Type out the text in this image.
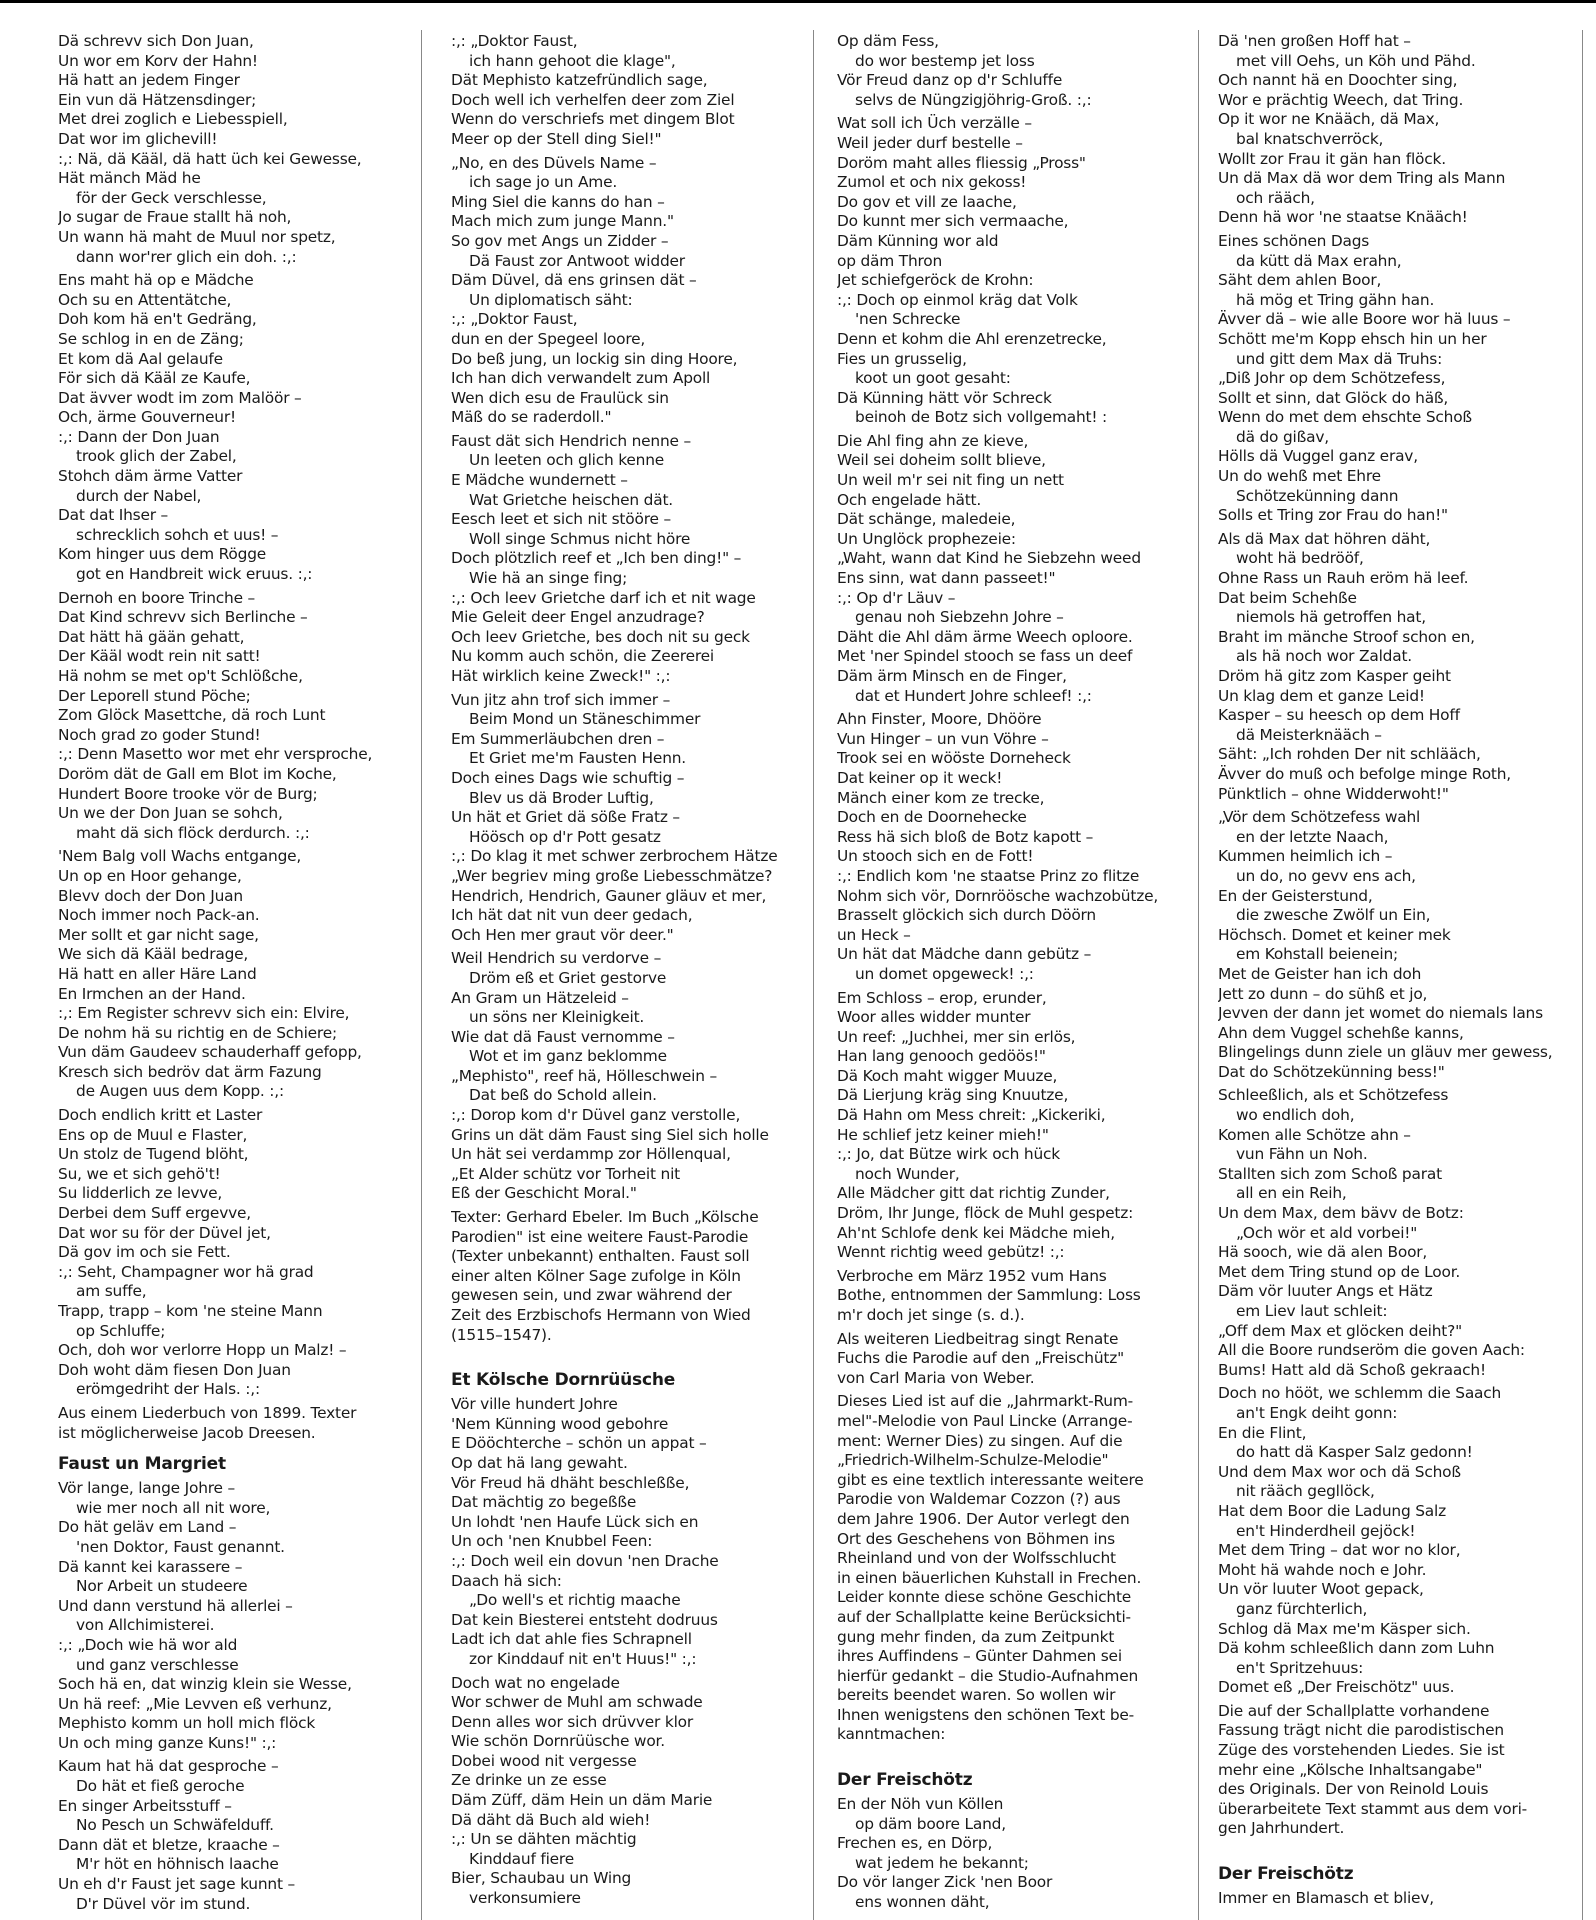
Dä schrevv sich Don Juan,
Un wor em Korv der Hahn!
Hä hatt an jedem Finger
Ein vun dä Hätzensdinger;
Met drei zoglich e Liebesspiell,
Dat wor im glichevill!
:,: Nä, dä Kääl, dä hatt üch kei Gewesse,
Hät mänch Mäd he
för der Geck verschlesse,
Jo sugar de Fraue stallt hä noh,
Un wann hä maht de Muul nor spetz,
dann wor'rer glich ein doh. :,:
Ens maht hä op e Mädche
Och su en Attentätche,
Doh kom hä en't Gedräng,
Se schlog in en de Zäng;
Et kom dä Aal gelaufe
För sich dä Kääl ze Kaufe,
Dat ävver wodt im zom Malöör –
Och, ärme Gouverneur!
:,: Dann der Don Juan
trook glich der Zabel,
Stohch däm ärme Vatter
durch der Nabel,
Dat dat Ihser –
schrecklich sohch et uus! –
Kom hinger uus dem Rögge
got en Handbreit wick eruus. :,:
Dernoh en boore Trinche –
Dat Kind schrevv sich Berlinche –
Dat hätt hä gään gehatt,
Der Kääl wodt rein nit satt!
Hä nohm se met op't Schlößche,
Der Leporell stund Pöche;
Zom Glöck Masettche, dä roch Lunt
Noch grad zo goder Stund!
:,: Denn Masetto wor met ehr versproche,
Doröm dät de Gall em Blot im Koche,
Hundert Boore trooke vör de Burg;
Un we der Don Juan se sohch,
maht dä sich flöck derdurch. :,:
'Nem Balg voll Wachs entgange,
Un op en Hoor gehange,
Blevv doch der Don Juan
Noch immer noch Pack-an.
Mer sollt et gar nicht sage,
We sich dä Kääl bedrage,
Hä hatt en aller Häre Land
En Irmchen an der Hand.
:,: Em Register schrevv sich ein: Elvire,
De nohm hä su richtig en de Schiere;
Vun däm Gaudeev schauderhaff gefopp,
Kresch sich bedröv dat ärm Fazung
de Augen uus dem Kopp. :,:
Doch endlich kritt et Laster
Ens op de Muul e Flaster,
Un stolz de Tugend blöht,
Su, we et sich gehö't!
Su lidderlich ze levve,
Derbei dem Suff ergevve,
Dat wor su för der Düvel jet,
Dä gov im och sie Fett.
:,: Seht, Champagner wor hä grad
am suffe,
Trapp, trapp – kom 'ne steine Mann
op Schluffe;
Och, doh wor verlorre Hopp un Malz! –
Doh woht däm fiesen Don Juan
erömgedriht der Hals. :,:
Aus einem Liederbuch von 1899. Texter
ist möglicherweise Jacob Dreesen.
Faust un Margriet
Vör lange, lange Johre –
wie mer noch all nit wore,
Do hät geläv em Land –
'nen Doktor, Faust genannt.
Dä kannt kei karassere –
Nor Arbeit un studeere
Und dann verstund hä allerlei –
von Allchimisterei.
:,: „Doch wie hä wor ald
und ganz verschlesse
Soch hä en, dat winzig klein sie Wesse,
Un hä reef: „Mie Levven eß verhunz,
Mephisto komm un holl mich flöck
Un och ming ganze Kuns!" :,:
Kaum hat hä dat gesproche –
Do hät et fieß geroche
En singer Arbeitsstuff –
No Pesch un Schwäfelduff.
Dann dät et bletze, kraache –
M'r höt en höhnisch laache
Un eh d'r Faust jet sage kunnt –
D'r Düvel vör im stund.
:,: „Doktor Faust,
ich hann gehoot die klage",
Dät Mephisto katzefründlich sage,
Doch well ich verhelfen deer zom Ziel
Wenn do verschriefs met dingem Blot
Meer op der Stell ding Siel!"
„No, en des Düvels Name –
ich sage jo un Ame.
Ming Siel die kanns do han –
Mach mich zum junge Mann."
So gov met Angs un Zidder –
Dä Faust zor Antwoot widder
Däm Düvel, dä ens grinsen dät –
Un diplomatisch säht:
:,: „Doktor Faust,
dun en der Spegeel loore,
Do beß jung, un lockig sin ding Hoore,
Ich han dich verwandelt zum Apoll
Wen dich esu de Fraulück sin
Mäß do se raderdoll."
Faust dät sich Hendrich nenne –
Un leeten och glich kenne
E Mädche wundernett –
Wat Grietche heischen dät.
Eesch leet et sich nit stööre –
Woll singe Schmus nicht höre
Doch plötzlich reef et „Ich ben ding!" –
Wie hä an singe fing;
:,: Och leev Grietche darf ich et nit wage
Mie Geleit deer Engel anzudrage?
Och leev Grietche, bes doch nit su geck
Nu komm auch schön, die Zeererei
Hät wirklich keine Zweck!" :,:
Vun jitz ahn trof sich immer –
Beim Mond un Stäneschimmer
Em Summerläubchen dren –
Et Griet me'm Fausten Henn.
Doch eines Dags wie schuftig –
Blev us dä Broder Luftig,
Un hät et Griet dä söße Fratz –
Höösch op d'r Pott gesatz
:,: Do klag it met schwer zerbrochem Hätze
„Wer begriev ming große Liebesschmätze?
Hendrich, Hendrich, Gauner gläuv et mer,
Ich hät dat nit vun deer gedach,
Och Hen mer graut vör deer."
Weil Hendrich su verdorve –
Dröm eß et Griet gestorve
An Gram un Hätzeleid –
un söns ner Kleinigkeit.
Wie dat dä Faust vernomme –
Wot et im ganz beklomme
„Mephisto", reef hä, Hölleschwein –
Dat beß do Schold allein.
:,: Dorop kom d'r Düvel ganz verstolle,
Grins un dät däm Faust sing Siel sich holle
Un hät sei verdammp zor Höllenqual,
„Et Alder schütz vor Torheit nit
Eß der Geschicht Moral."
Texter: Gerhard Ebeler. Im Buch „Kölsche
Parodien" ist eine weitere Faust-Parodie
(Texter unbekannt) enthalten. Faust soll
einer alten Kölner Sage zufolge in Köln
gewesen sein, und zwar während der
Zeit des Erzbischofs Hermann von Wied
(1515–1547).
Et Kölsche Dornrüüsche
Vör ville hundert Johre
'Nem Künning wood gebohre
E Dööchterche – schön un appat –
Op dat hä lang gewaht.
Vör Freud hä dhäht beschleßße,
Dat mächtig zo begeßße
Un lohdt 'nen Haufe Lück sich en
Un och 'nen Knubbel Feen:
:,: Doch weil ein dovun 'nen Drache
Daach hä sich:
„Do well's et richtig maache
Dat kein Biesterei entsteht dodruus
Ladt ich dat ahle fies Schrapnell
zor Kinddauf nit en't Huus!" :,:
Doch wat no engelade
Wor schwer de Muhl am schwade
Denn alles wor sich drüvver klor
Wie schön Dornrüüsche wor.
Dobei wood nit vergesse
Ze drinke un ze esse
Däm Züff, däm Hein un däm Marie
Dä däht dä Buch ald wieh!
:,: Un se dähten mächtig
Kinddauf fiere
Bier, Schaubau un Wing
verkonsumiere
Op däm Fess,
do wor bestemp jet loss
Vör Freud danz op d'r Schluffe
selvs de Nüngzigjöhrig-Groß. :,:
Wat soll ich Üch verzälle –
Weil jeder durf bestelle –
Doröm maht alles fliessig „Pross"
Zumol et och nix gekoss!
Do gov et vill ze laache,
Do kunnt mer sich vermaache,
Däm Künning wor ald
op däm Thron
Jet schiefgeröck de Krohn:
:,: Doch op einmol kräg dat Volk
'nen Schrecke
Denn et kohm die Ahl erenzetrecke,
Fies un grusselig,
koot un goot gesaht:
Dä Künning hätt vör Schreck
beinoh de Botz sich vollgemaht! :
Die Ahl fing ahn ze kieve,
Weil sei doheim sollt blieve,
Un weil m'r sei nit fing un nett
Och engelade hätt.
Dät schänge, maledeie,
Un Unglöck prophezeie:
„Waht, wann dat Kind he Siebzehn weed
Ens sinn, wat dann passeet!"
:,: Op d'r Läuv –
genau noh Siebzehn Johre –
Däht die Ahl däm ärme Weech oploore.
Met 'ner Spindel stooch se fass un deef
Däm ärm Minsch en de Finger,
dat et Hundert Johre schleef! :,:
Ahn Finster, Moore, Dhööre
Vun Hinger – un vun Vöhre –
Trook sei en wööste Dorneheck
Dat keiner op it weck!
Mänch einer kom ze trecke,
Doch en de Doornehecke
Ress hä sich bloß de Botz kapott –
Un stooch sich en de Fott!
:,: Endlich kom 'ne staatse Prinz zo flitze
Nohm sich vör, Dornröösche wachzobütze,
Brasselt glöckich sich durch Döörn
un Heck –
Un hät dat Mädche dann gebütz –
un domet opgeweck! :,:
Em Schloss – erop, erunder,
Woor alles widder munter
Un reef: „Juchhei, mer sin erlös,
Han lang genooch gedöös!"
Dä Koch maht wigger Muuze,
Dä Lierjung kräg sing Knuutze,
Dä Hahn om Mess chreit: „Kickeriki,
He schlief jetz keiner mieh!"
:,: Jo, dat Bütze wirk och hück
noch Wunder,
Alle Mädcher gitt dat richtig Zunder,
Dröm, Ihr Junge, flöck de Muhl gespetz:
Ah'nt Schlofe denk kei Mädche mieh,
Wennt richtig weed gebütz! :,:
Verbroche em März 1952 vum Hans
Bothe, entnommen der Sammlung: Loss
m'r doch jet singe (s. d.).
Als weiteren Liedbeitrag singt Renate
Fuchs die Parodie auf den „Freischütz"
von Carl Maria von Weber.
Dieses Lied ist auf die „Jahrmarkt-Rum-
mel"-Melodie von Paul Lincke (Arrange-
ment: Werner Dies) zu singen. Auf die
„Friedrich-Wilhelm-Schulze-Melodie"
gibt es eine textlich interessante weitere
Parodie von Waldemar Cozzon (?) aus
dem Jahre 1906. Der Autor verlegt den
Ort des Geschehens von Böhmen ins
Rheinland und von der Wolfsschlucht
in einen bäuerlichen Kuhstall in Frechen.
Leider konnte diese schöne Geschichte
auf der Schallplatte keine Berücksichti-
gung mehr finden, da zum Zeitpunkt
ihres Auffindens – Günter Dahmen sei
hierfür gedankt – die Studio-Aufnahmen
bereits beendet waren. So wollen wir
Ihnen wenigstens den schönen Text be-
kanntmachen:
Der Freischötz
En der Nöh vun Köllen
op däm boore Land,
Frechen es, en Dörp,
wat jedem he bekannt;
Do vör langer Zick 'nen Boor
ens wonnen däht,
Dä 'nen großen Hoff hat –
met vill Oehs, un Köh und Pähd.
Och nannt hä en Doochter sing,
Wor e prächtig Weech, dat Tring.
Op it wor ne Knääch, dä Max,
bal knatschverröck,
Wollt zor Frau it gän han flöck.
Un dä Max dä wor dem Tring als Mann
och rääch,
Denn hä wor 'ne staatse Knääch!
Eines schönen Dags
da kütt dä Max erahn,
Säht dem ahlen Boor,
hä mög et Tring gähn han.
Ävver dä – wie alle Boore wor hä luus –
Schött me'm Kopp ehsch hin un her
und gitt dem Max dä Truhs:
„Diß Johr op dem Schötzefess,
Sollt et sinn, dat Glöck do häß,
Wenn do met dem ehschte Schoß
dä do gißav,
Hölls dä Vuggel ganz erav,
Un do wehß met Ehre
Schötzekünning dann
Solls et Tring zor Frau do han!"
Als dä Max dat höhren däht,
woht hä bedrööf,
Ohne Rass un Rauh eröm hä leef.
Dat beim Schehße
niemols hä getroffen hat,
Braht im mänche Stroof schon en,
als hä noch wor Zaldat.
Dröm hä gitz zom Kasper geiht
Un klag dem et ganze Leid!
Kasper – su heesch op dem Hoff
dä Meisterknääch –
Säht: „Ich rohden Der nit schlääch,
Ävver do muß och befolge minge Roth,
Pünktlich – ohne Widderwoht!"
„Vör dem Schötzefess wahl
en der letzte Naach,
Kummen heimlich ich –
un do, no gevv ens ach,
En der Geisterstund,
die zwesche Zwölf un Ein,
Höchsch. Domet et keiner mek
em Kohstall beienein;
Met de Geister han ich doh
Jett zo dunn – do sühß et jo,
Jevven der dann jet womet do niemals lans
Ahn dem Vuggel schehße kanns,
Blingelings dunn ziele un gläuv mer gewess,
Dat do Schötzekünning bess!"
Schleeßlich, als et Schötzefess
wo endlich doh,
Komen alle Schötze ahn –
vun Fähn un Noh.
Stallten sich zom Schoß parat
all en ein Reih,
Un dem Max, dem bävv de Botz:
„Och wör et ald vorbei!"
Hä sooch, wie dä alen Boor,
Met dem Tring stund op de Loor.
Däm vör luuter Angs et Hätz
em Liev laut schleit:
„Off dem Max et glöcken deiht?"
All die Boore rundseröm die goven Aach:
Bums! Hatt ald dä Schoß gekraach!
Doch no hööt, we schlemm die Saach
an't Engk deiht gonn:
En die Flint,
do hatt dä Kasper Salz gedonn!
Und dem Max wor och dä Schoß
nit rääch gegllöck,
Hat dem Boor die Ladung Salz
en't Hinderdheil gejöck!
Met dem Tring – dat wor no klor,
Moht hä wahde noch e Johr.
Un vör luuter Woot gepack,
ganz fürchterlich,
Schlog dä Max me'm Käsper sich.
Dä kohm schleeßlich dann zom Luhn
en't Spritzehuus:
Domet eß „Der Freischötz" uus.
Die auf der Schallplatte vorhandene
Fassung trägt nicht die parodistischen
Züge des vorstehenden Liedes. Sie ist
mehr eine „Kölsche Inhaltsangabe"
des Originals. Der von Reinold Louis
überarbeitete Text stammt aus dem vori-
gen Jahrhundert.
Der Freischötz
Immer en Blamasch et bliev,
